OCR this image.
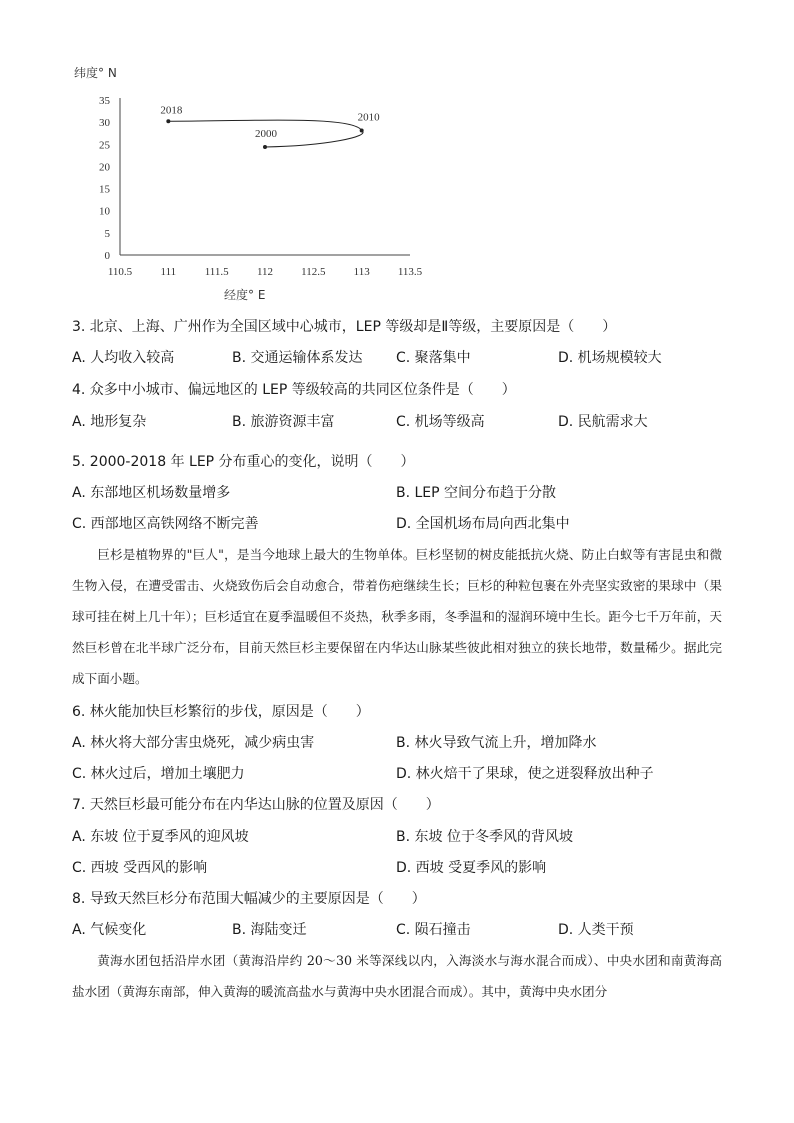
纬度° N
经度° E
0
5
10
15
20
25
30
35
110.5	111	111.5	112	112.5	113	113.5
2000
2010
2018
3. 北京、上海、广州作为全国区域中心城市，LEP 等级却是Ⅱ等级，主要原因是（　　）
A. 人均收入较高	B. 交通运输体系发达 C. 聚落集中	D. 机场规模较大
4. 众多中小城市、偏远地区的 LEP 等级较高的共同区位条件是（　　）
A. 地形复杂	B. 旅游资源丰富	C. 机场等级高	D. 民航需求大
5. 2000-2018 年 LEP 分布重心的变化，说明（　　）
A. 东部地区机场数量增多	B. LEP 空间分布趋于分散
C. 西部地区高铁网络不断完善	D. 全国机场布局向西北集中

巨杉是植物界的"巨人"，是当今地球上最大的生物单体。巨杉坚韧的树皮能抵抗火烧、防止白蚁等有害昆虫和微生物入侵，在遭受雷击、火烧致伤后会自动愈合，带着伤疤继续生长；巨杉的种粒包裹在外壳坚实致密的果球中（果球可挂在树上几十年）；巨杉适宜在夏季温暖但不炎热，秋季多雨，冬季温和的湿润环境中生长。距今七千万年前，天然巨杉曾在北半球广泛分布，目前天然巨杉主要保留在内华达山脉某些彼此相对独立的狭长地带，数量稀少。据此完成下面小题。

6. 林火能加快巨杉繁衍的步伐，原因是（　　）
A. 林火将大部分害虫烧死，减少病虫害	B. 林火导致气流上升，增加降水
C. 林火过后，增加土壤肥力	D. 林火焙干了果球，使之迸裂释放出种子
7. 天然巨杉最可能分布在内华达山脉的位置及原因（　　）
A. 东坡 位于夏季风的迎风坡	B. 东坡 位于冬季风的背风坡
C. 西坡 受西风的影响	D. 西坡 受夏季风的影响
8. 导致天然巨杉分布范围大幅减少的主要原因是（　　）
A. 气候变化	B. 海陆变迁	C. 陨石撞击	D. 人类干预

黄海水团包括沿岸水团（黄海沿岸约 20～30 米等深线以内，入海淡水与海水混合而成）、中央水团和南黄海高盐水团（黄海东南部，伸入黄海的暖流高盐水与黄海中央水团混合而成）。其中，黄海中央水团分
